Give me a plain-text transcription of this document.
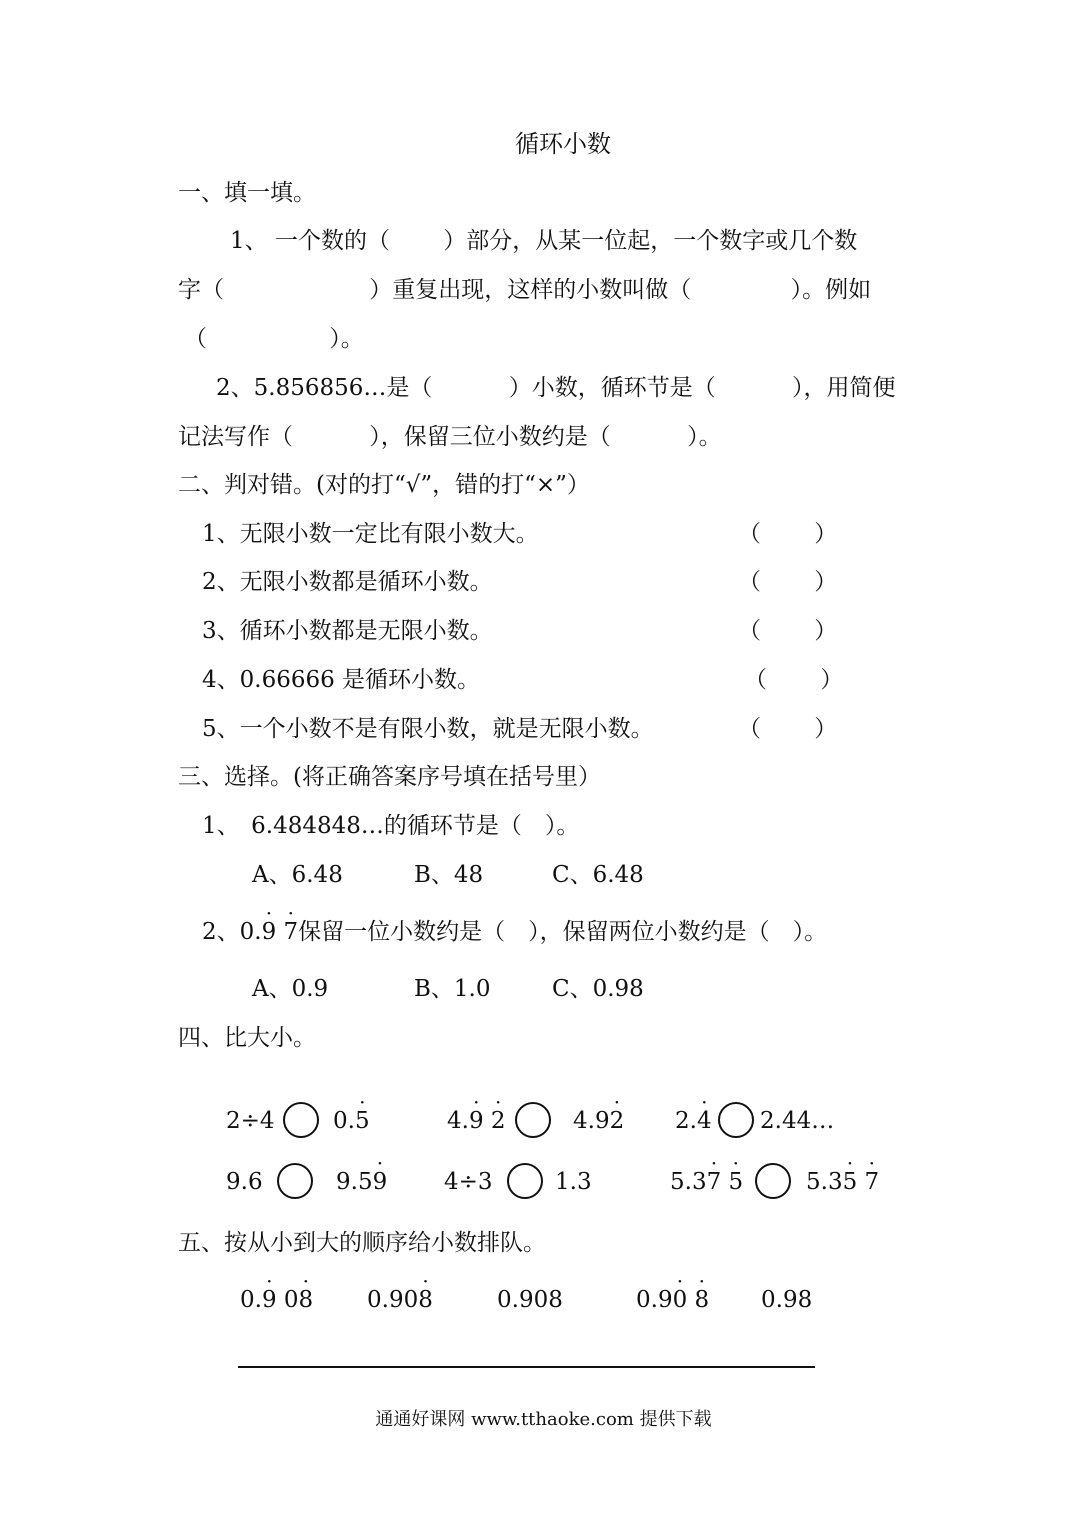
循环小数
一、填一填。
1、 一个数的（　　 ）部分，从某一位起，一个数字或几个数
字（　　　　　　 ）重复出现，这样的小数叫做（　　　　 ）。例如
（　　　　　 ）。
2、5.856856…是（　　　 ）小数，循环节是（　　　 ），用简便
记法写作（　　　 ），保留三位小数约是（　　　 ）。
二、判对错。(对的打“√”，错的打“×”）
1、无限小数一定比有限小数大。	（　　 ）
2、无限小数都是循环小数。	（　　 ）
3、循环小数都是无限小数。	（　　 ）
4、0.66666 是循环小数。	（　　 ）
5、一个小数不是有限小数，就是无限小数。	（　　 ）
三、选择。(将正确答案序号填在括号里）
1、　6.484848…的循环节是（　）。
A、6.48	B、48	C、6.48
2、0.9 · 7 ·保留一位小数约是（　），保留两位小数约是（　）。
A、0.9	B、1.0	C、0.98
四、比大小。
2÷4	0.5 ·	4.9 · 2 ·	4.92 · 2.4 · 2.44…
9.6	9.59 · 4÷3	1.3	5.37 · 5 ·	5.35 · 7 ·
五、按从小到大的顺序给小数排队。
0.9 · 08 · 0.908 ·	0.908	0.90 · 8 · 0.98
通通好课网 www.tthaoke.com 提供下载
